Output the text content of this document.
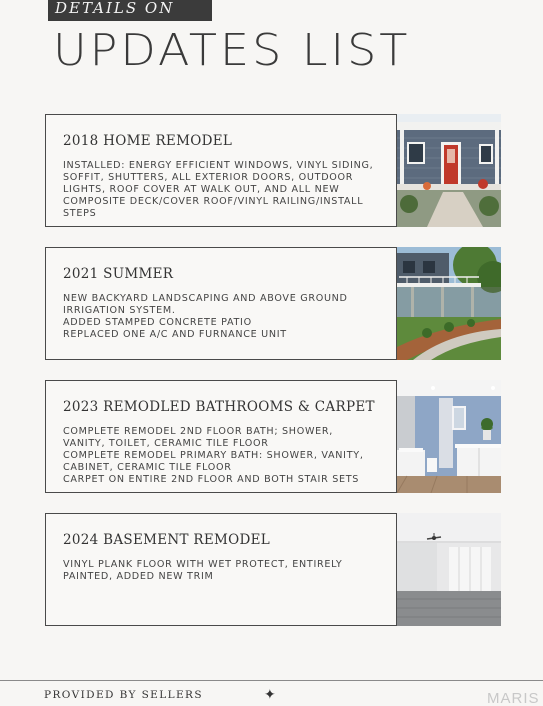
DETAILS ON
UPDATES LIST
2018 HOME REMODEL
INSTALLED: ENERGY EFFICIENT WINDOWS, VINYL SIDING,
SOFFIT, SHUTTERS, ALL EXTERIOR DOORS, OUTDOOR
LIGHTS, ROOF COVER AT WALK OUT, AND ALL NEW
COMPOSITE DECK/COVER ROOF/VINYL RAILING/INSTALL
STEPS
2021 SUMMER
NEW BACKYARD LANDSCAPING AND ABOVE GROUND
IRRIGATION SYSTEM.
ADDED STAMPED CONCRETE PATIO
REPLACED ONE A/C AND FURNANCE UNIT
2023 REMODLED BATHROOMS & CARPET
COMPLETE REMODEL 2ND FLOOR BATH; SHOWER,
VANITY, TOILET, CERAMIC TILE FLOOR
COMPLETE REMODEL PRIMARY BATH: SHOWER, VANITY,
CABINET, CERAMIC TILE FLOOR
CARPET ON ENTIRE 2ND FLOOR AND BOTH STAIR SETS
2024 BASEMENT REMODEL
VINYL PLANK FLOOR WITH WET PROTECT, ENTIRELY
PAINTED, ADDED NEW TRIM
PROVIDED BY SELLERS	✦	MARIS
